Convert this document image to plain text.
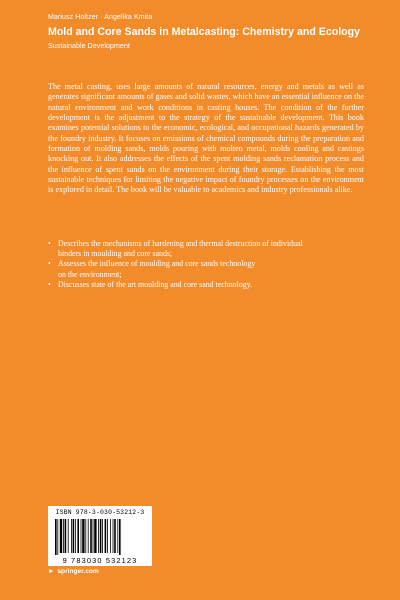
Mariusz Holtzer · Angelika Kmita
Mold and Core Sands in Metalcasting: Chemistry and Ecology
Sustainable Development

The metal casting, uses large amounts of natural resources, energy and metals as well as generates significant amounts of gases and solid wastes, which have an essential influence on the natural environment and work conditions in casting houses. The condition of the further development is the adjustment to the strategy of the sustainable development. This book examines potential solutions to the economic, ecological, and occupational hazards generated by the foundry industry. It focuses on emissions of chemical compounds during the preparation and formation of molding sands, molds pouring with molten metal, molds cooling and castings knocking out. It also addresses the effects of the spent molding sands reclamation process and the influence of spent sands on the environment during their storage. Establishing the most sustainable techniques for limiting the negative impact of foundry processes on the environment is explored in detail. The book will be valuable to academics and industry professionals alike.

• Describes the mechanisms of hardening and thermal destruction of individual
binders in moulding and core sands;
• Assesses the influence of moulding and core sands technology
on the environment;
• Discusses state of the art moulding and core sand technology.
ISBN 978-3-030-53212-3
9 783030 532123
► springer.com
